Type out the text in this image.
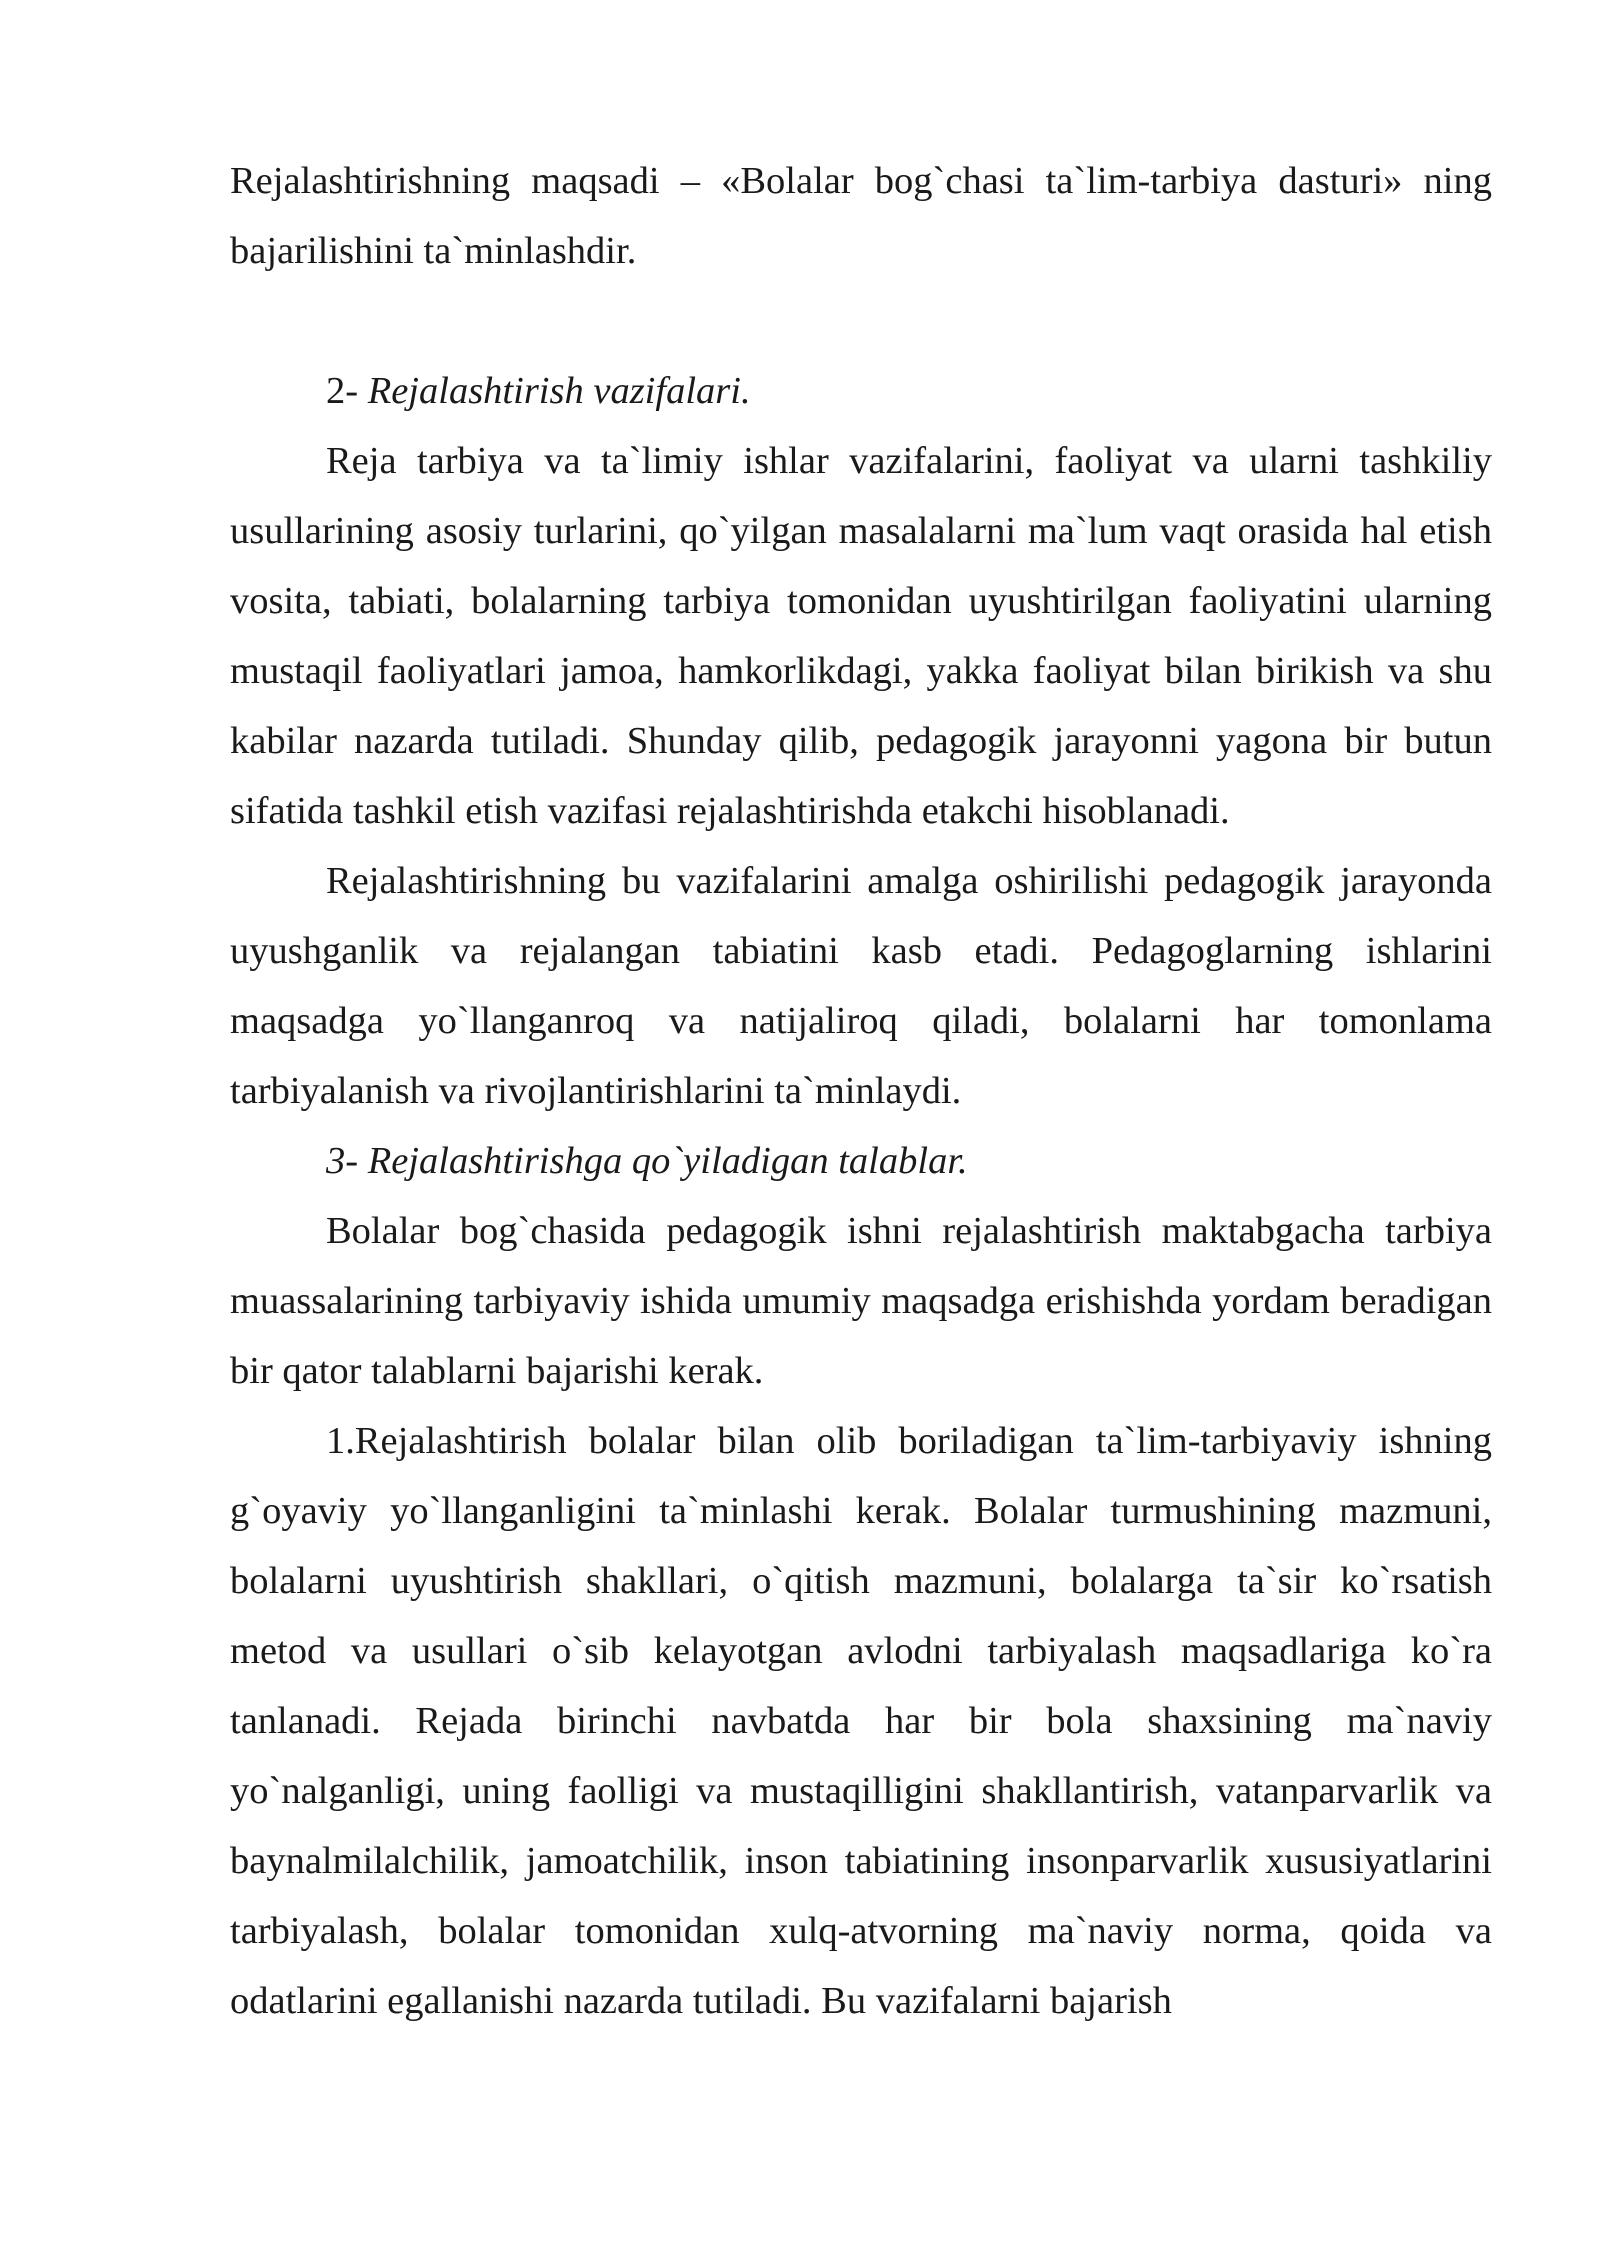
Rejalashtirishning maqsadi – «Bolalar bog`chasi ta`lim-tarbiya dasturi» ning bajarilishini ta`minlashdir.

2- Rejalashtirish vazifalari.

Reja tarbiya va ta`limiy ishlar vazifalarini, faoliyat va ularni tashkiliy usullarining asosiy turlarini, qo`yilgan masalalarni ma`lum vaqt orasida hal etish vosita, tabiati, bolalarning tarbiya tomonidan uyushtirilgan faoliyatini ularning mustaqil faoliyatlari jamoa, hamkorlikdagi, yakka faoliyat bilan birikish va shu kabilar nazarda tutiladi. Shunday qilib, pedagogik jarayonni yagona bir butun sifatida tashkil etish vazifasi rejalashtirishda etakchi hisoblanadi.

Rejalashtirishning bu vazifalarini amalga oshirilishi pedagogik jarayonda uyushganlik va rejalangan tabiatini kasb etadi. Pedagoglarning ishlarini maqsadga yo`llanganroq va natijaliroq qiladi, bolalarni har tomonlama tarbiyalanish va rivojlantirishlarini ta`minlaydi.

3- Rejalashtirishga qo`yiladigan talablar.

Bolalar bog`chasida pedagogik ishni rejalashtirish maktabgacha tarbiya muassalarining tarbiyaviy ishida umumiy maqsadga erishishda yordam beradigan bir qator talablarni bajarishi kerak.

1.Rejalashtirish bolalar bilan olib boriladigan ta`lim-tarbiyaviy ishning g`oyaviy yo`llanganligini ta`minlashi kerak. Bolalar turmushining mazmuni, bolalarni uyushtirish shakllari, o`qitish mazmuni, bolalarga ta`sir ko`rsatish metod va usullari o`sib kelayotgan avlodni tarbiyalash maqsadlariga ko`ra tanlanadi. Rejada birinchi navbatda har bir bola shaxsining ma`naviy yo`nalganligi, uning faolligi va mustaqilligini shakllantirish, vatanparvarlik va baynalmilalchilik, jamoatchilik, inson tabiatining insonparvarlik xususiyatlarini tarbiyalash, bolalar tomonidan xulq-atvorning ma`naviy norma, qoida va odatlarini egallanishi nazarda tutiladi. Bu vazifalarni bajarish
